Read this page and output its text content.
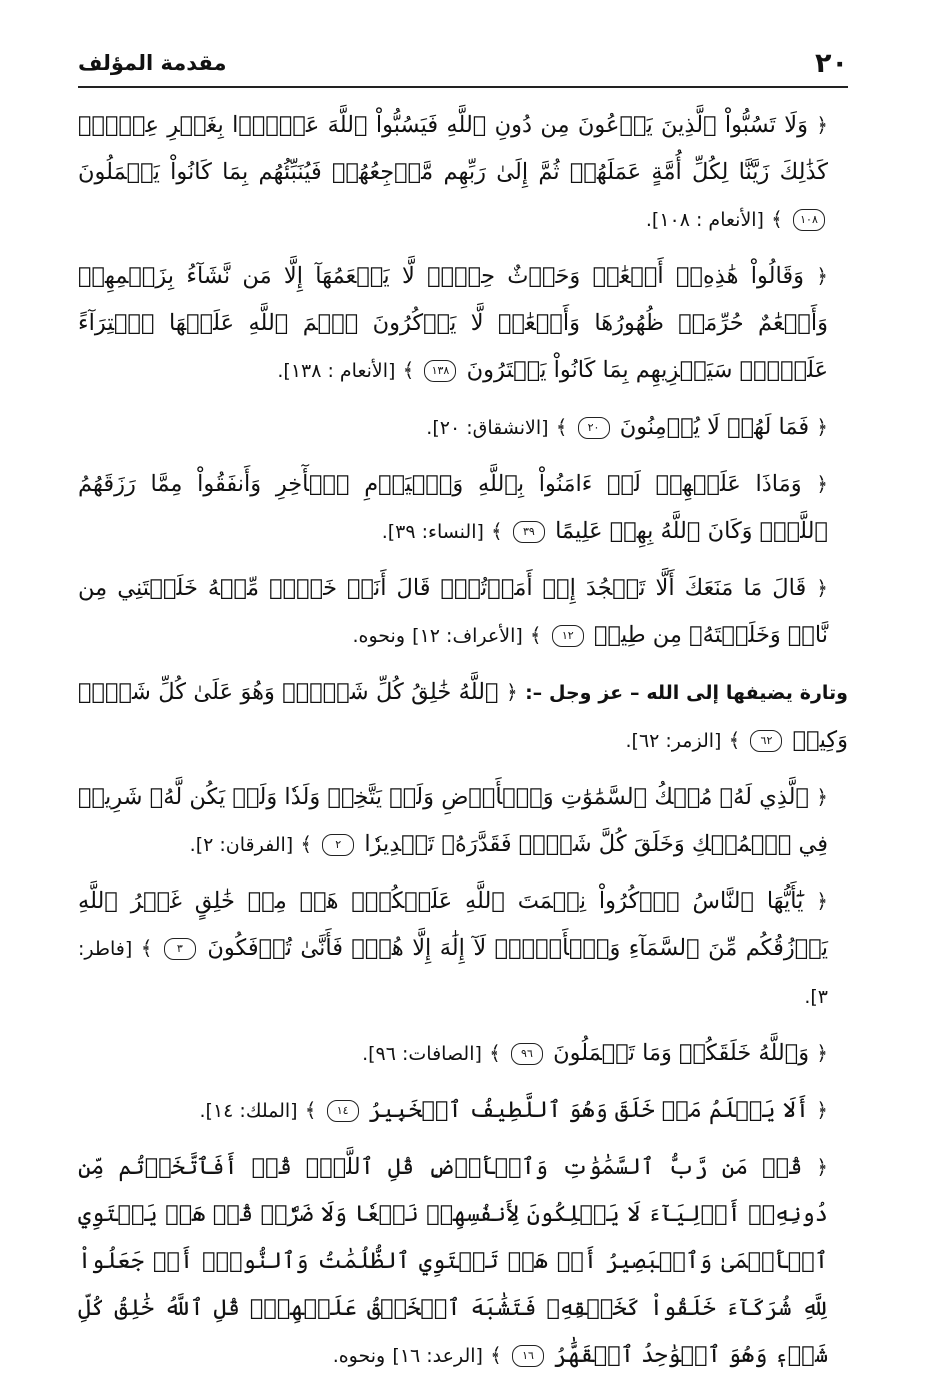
٢٠
مقدمة المؤلف

﴿ وَلَا تَسُبُّواْ ٱلَّذِينَ يَدۡعُونَ مِن دُونِ ٱللَّهِ فَيَسُبُّواْ ٱللَّهَ عَدۡوَۢا بِغَيۡرِ عِلۡمٖۗ كَذَٰلِكَ زَيَّنَّا لِكُلِّ أُمَّةٍ عَمَلَهُمۡ ثُمَّ إِلَىٰ رَبِّهِم مَّرۡجِعُهُمۡ فَيُنَبِّئُهُم بِمَا كَانُواْ يَعۡمَلُونَ ١٠٨ ﴾ [الأنعام : ١٠٨].

﴿ وَقَالُواْ هَٰذِهِۦٓ أَنۡعَٰمٞ وَحَرۡثٌ حِجۡرٞ لَّا يَطۡعَمُهَآ إِلَّا مَن نَّشَآءُ بِزَعۡمِهِمۡ وَأَنۡعَٰمٌ حُرِّمَتۡ ظُهُورُهَا وَأَنۡعَٰمٞ لَّا يَذۡكُرُونَ ٱسۡمَ ٱللَّهِ عَلَيۡهَا ٱفۡتِرَآءً عَلَيۡهِۚ سَيَجۡزِيهِم بِمَا كَانُواْ يَفۡتَرُونَ ١٣٨ ﴾ [الأنعام : ١٣٨].

﴿ فَمَا لَهُمۡ لَا يُؤۡمِنُونَ ٢٠ ﴾ [الانشقاق: ٢٠].

﴿ وَمَاذَا عَلَيۡهِمۡ لَوۡ ءَامَنُواْ بِٱللَّهِ وَٱلۡيَوۡمِ ٱلۡأٓخِرِ وَأَنفَقُواْ مِمَّا رَزَقَهُمُ ٱللَّهُۚ وَكَانَ ٱللَّهُ بِهِمۡ عَلِيمًا ٣٩ ﴾ [النساء: ٣٩].

﴿ قَالَ مَا مَنَعَكَ أَلَّا تَسۡجُدَ إِذۡ أَمَرۡتُكَۖ قَالَ أَنَا۠ خَيۡرٞ مِّنۡهُ خَلَقۡتَنِي مِن نَّارٖ وَخَلَقۡتَهُۥ مِن طِينٖ ١٢ ﴾ [الأعراف: ١٢] ونحوه.

وتارة يضيفها إلى الله – عز وجل –: ﴿ ٱللَّهُ خَٰلِقُ كُلِّ شَيۡءٖۖ وَهُوَ عَلَىٰ كُلِّ شَيۡءٖ وَكِيلٞ ٦٢ ﴾ [الزمر: ٦٢].

﴿ ٱلَّذِي لَهُۥ مُلۡكُ ٱلسَّمَٰوَٰتِ وَٱلۡأَرۡضِ وَلَمۡ يَتَّخِذۡ وَلَدٗا وَلَمۡ يَكُن لَّهُۥ شَرِيكٞ فِي ٱلۡمُلۡكِ وَخَلَقَ كُلَّ شَيۡءٖ فَقَدَّرَهُۥ تَقۡدِيرٗا ٢ ﴾ [الفرقان: ٢].

﴿ يَٰٓأَيُّهَا ٱلنَّاسُ ٱذۡكُرُواْ نِعۡمَتَ ٱللَّهِ عَلَيۡكُمۡۚ هَلۡ مِنۡ خَٰلِقٍ غَيۡرُ ٱللَّهِ يَرۡزُقُكُم مِّنَ ٱلسَّمَآءِ وَٱلۡأَرۡضِۚ لَآ إِلَٰهَ إِلَّا هُوَۖ فَأَنَّىٰ تُؤۡفَكُونَ ٣ ﴾ [فاطر: ٣].

﴿ وَٱللَّهُ خَلَقَكُمۡ وَمَا تَعۡمَلُونَ ٩٦ ﴾ [الصافات: ٩٦].

﴿ أَلَا يَعۡلَمُ مَنۡ خَلَقَ وَهُوَ ٱللَّطِيفُ ٱلۡخَبِيرُ ١٤ ﴾ [الملك: ١٤].

﴿ قُلۡ مَن رَّبُّ ٱلسَّمَٰوَٰتِ وَٱلۡأَرۡضِ قُلِ ٱللَّهُۚ قُلۡ أَفَٱتَّخَذۡتُم مِّن دُونِهِۦٓ أَوۡلِيَآءَ لَا يَمۡلِكُونَ لِأَنفُسِهِمۡ نَفۡعٗا وَلَا ضَرّٗاۚ قُلۡ هَلۡ يَسۡتَوِي ٱلۡأَعۡمَىٰ وَٱلۡبَصِيرُ أَمۡ هَلۡ تَسۡتَوِي ٱلظُّلُمَٰتُ وَٱلنُّورُۗ أَمۡ جَعَلُواْ لِلَّهِ شُرَكَآءَ خَلَقُواْ كَخَلۡقِهِۦ فَتَشَٰبَهَ ٱلۡخَلۡقُ عَلَيۡهِمۡۚ قُلِ ٱللَّهُ خَٰلِقُ كُلِّ شَيۡءٖ وَهُوَ ٱلۡوَٰحِدُ ٱلۡقَهَّٰرُ ١٦ ﴾ [الرعد: ١٦] ونحوه.
